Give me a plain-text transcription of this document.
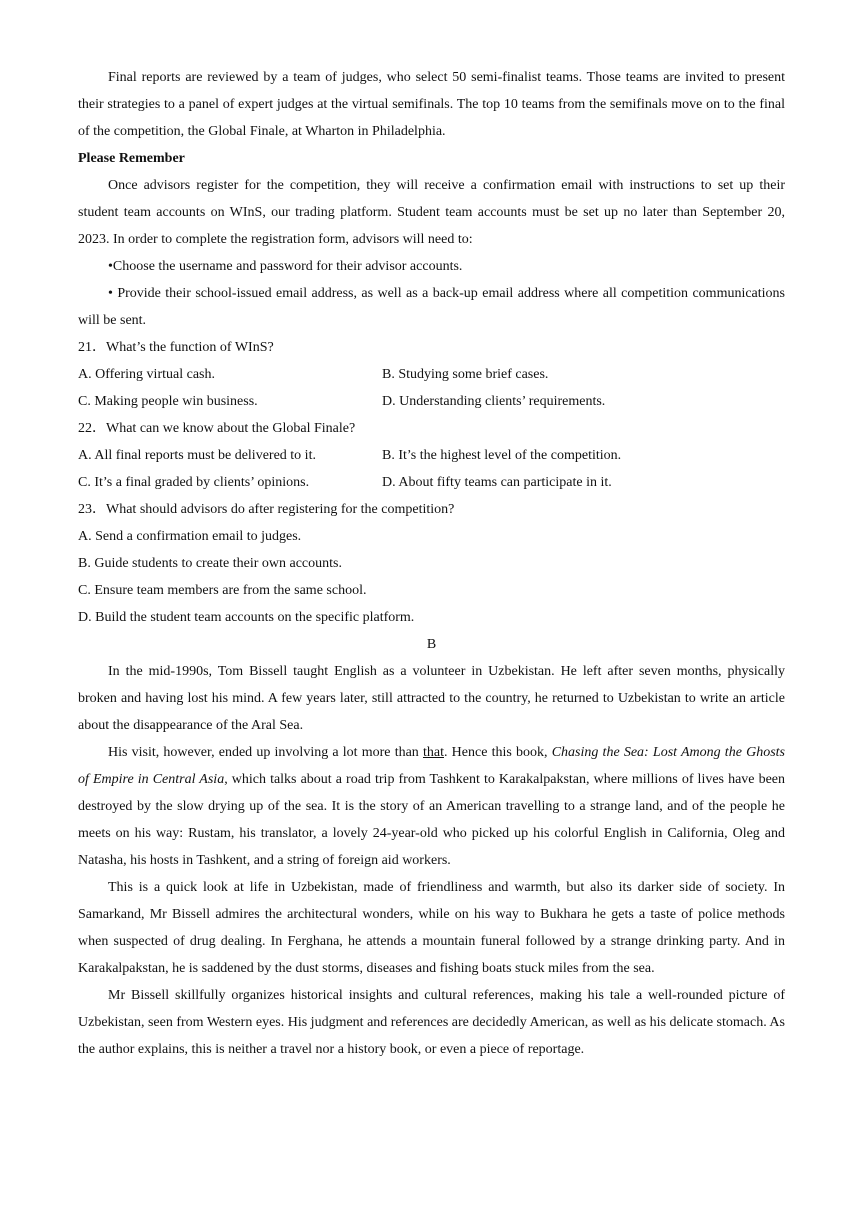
Final reports are reviewed by a team of judges, who select 50 semi-finalist teams. Those teams are invited to present their strategies to a panel of expert judges at the virtual semifinals. The top 10 teams from the semifinals move on to the final of the competition, the Global Finale, at Wharton in Philadelphia.

Please Remember

Once advisors register for the competition, they will receive a confirmation email with instructions to set up their student team accounts on WInS, our trading platform. Student team accounts must be set up no later than September 20, 2023. In order to complete the registration form, advisors will need to:

•Choose the username and password for their advisor accounts.

• Provide their school-issued email address, as well as a back-up email address where all competition communications will be sent.

21．What’s the function of WInS?

A. Offering virtual cash.	B. Studying some brief cases.
C. Making people win business.	D. Understanding clients’ requirements.

22．What can we know about the Global Finale?

A. All final reports must be delivered to it.	B. It’s the highest level of the competition.
C. It’s a final graded by clients’ opinions.	D. About fifty teams can participate in it.

23．What should advisors do after registering for the competition?

A. Send a confirmation email to judges.

B. Guide students to create their own accounts.

C. Ensure team members are from the same school.

D. Build the student team accounts on the specific platform.

B

In the mid-1990s, Tom Bissell taught English as a volunteer in Uzbekistan. He left after seven months, physically broken and having lost his mind. A few years later, still attracted to the country, he returned to Uzbekistan to write an article about the disappearance of the Aral Sea.

His visit, however, ended up involving a lot more than that. Hence this book, Chasing the Sea: Lost Among the Ghosts of Empire in Central Asia, which talks about a road trip from Tashkent to Karakalpakstan, where millions of lives have been destroyed by the slow drying up of the sea. It is the story of an American travelling to a strange land, and of the people he meets on his way: Rustam, his translator, a lovely 24-year-old who picked up his colorful English in California, Oleg and Natasha, his hosts in Tashkent, and a string of foreign aid workers.

This is a quick look at life in Uzbekistan, made of friendliness and warmth, but also its darker side of society. In Samarkand, Mr Bissell admires the architectural wonders, while on his way to Bukhara he gets a taste of police methods when suspected of drug dealing. In Ferghana, he attends a mountain funeral followed by a strange drinking party. And in Karakalpakstan, he is saddened by the dust storms, diseases and fishing boats stuck miles from the sea.

Mr Bissell skillfully organizes historical insights and cultural references, making his tale a well-rounded picture of Uzbekistan, seen from Western eyes. His judgment and references are decidedly American, as well as his delicate stomach. As the author explains, this is neither a travel nor a history book, or even a piece of reportage.
